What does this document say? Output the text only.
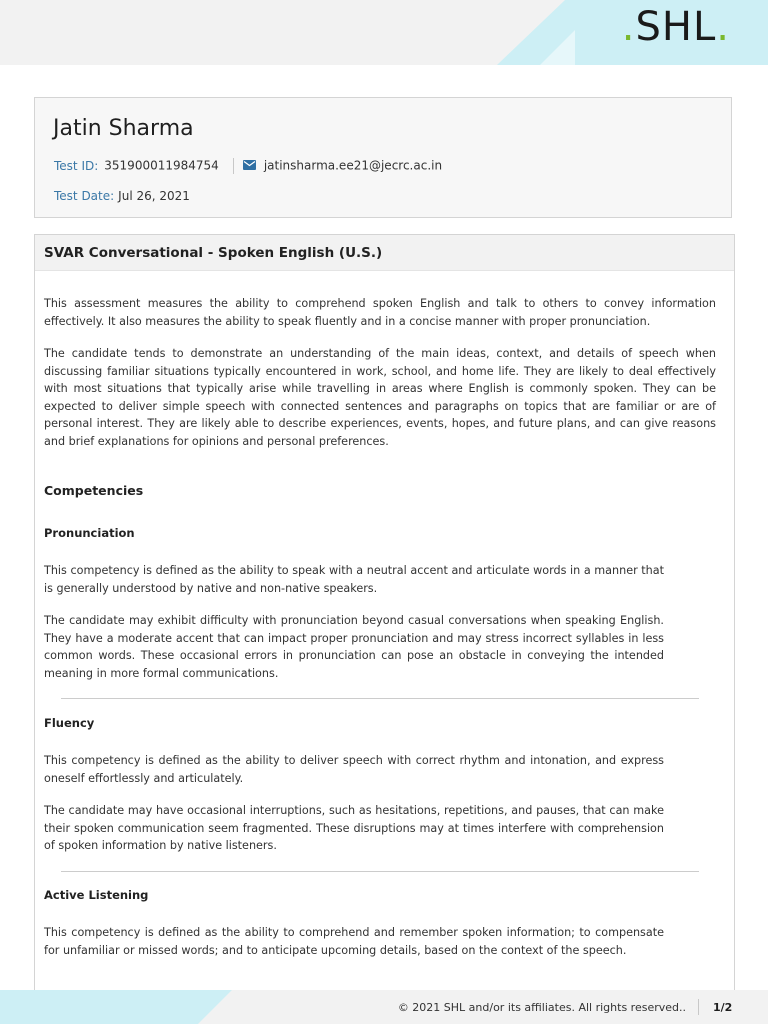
.SHL.
Jatin Sharma
Test ID: 351900011984754	jatinsharma.ee21@jecrc.ac.in
Test Date: Jul 26, 2021
SVAR Conversational - Spoken English (U.S.)

This assessment measures the ability to comprehend spoken English and talk to others to convey information effectively. It also measures the ability to speak fluently and in a concise manner with proper pronunciation.

The candidate tends to demonstrate an understanding of the main ideas, context, and details of speech when discussing familiar situations typically encountered in work, school, and home life. They are likely to deal effectively with most situations that typically arise while travelling in areas where English is commonly spoken. They can be expected to deliver simple speech with connected sentences and paragraphs on topics that are familiar or are of personal interest. They are likely able to describe experiences, events, hopes, and future plans, and can give reasons and brief explanations for opinions and personal preferences.

Competencies
Pronunciation

This competency is defined as the ability to speak with a neutral accent and articulate words in a manner that is generally understood by native and non-native speakers.

The candidate may exhibit difficulty with pronunciation beyond casual conversations when speaking English. They have a moderate accent that can impact proper pronunciation and may stress incorrect syllables in less common words. These occasional errors in pronunciation can pose an obstacle in conveying the intended meaning in more formal communications.

Fluency

This competency is defined as the ability to deliver speech with correct rhythm and intonation, and express oneself effortlessly and articulately.

The candidate may have occasional interruptions, such as hesitations, repetitions, and pauses, that can make their spoken communication seem fragmented. These disruptions may at times interfere with comprehension of spoken information by native listeners.

Active Listening

This competency is defined as the ability to comprehend and remember spoken information; to compensate for unfamiliar or missed words; and to anticipate upcoming details, based on the context of the speech.

© 2021 SHL and/or its affiliates. All rights reserved.. 1/2
